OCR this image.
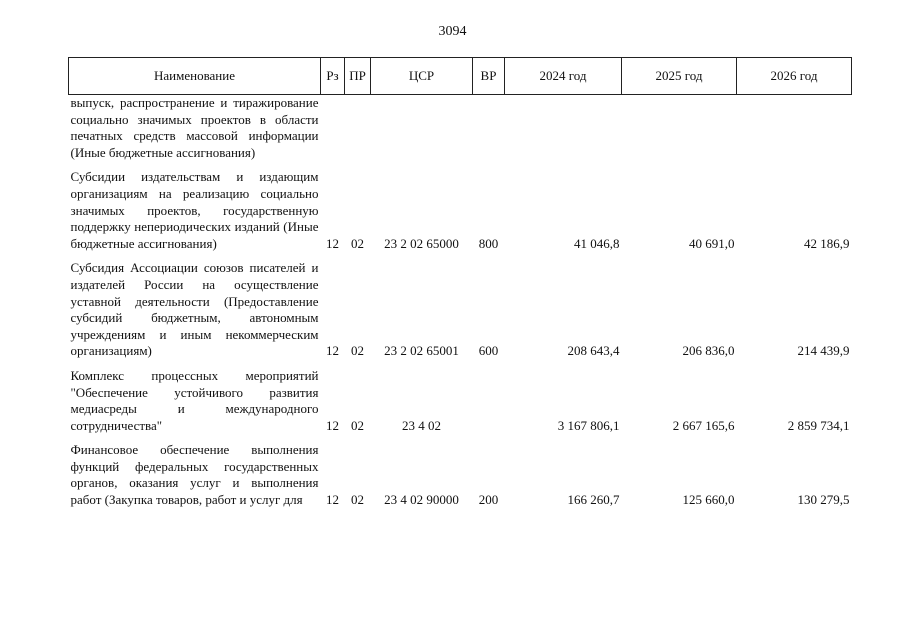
3094
Наименование	Рз	ПР	ЦСР	ВР	2024 год	2025 год	2026 год
выпуск, распространение и тиражирование социально значимых проектов в области печатных средств массовой информации (Иные бюджетные ассигнования)							

Субсидии издательствам и издающим организациям на реализацию социально значимых проектов, государственную поддержку непериодических изданий (Иные бюджетные ассигнования)	12	02	23 2 02 65000	800	41 046,8	40 691,0	42 186,9

Субсидия Ассоциации союзов писателей и издателей России на осуществление уставной деятельности (Предоставление субсидий бюджетным, автономным учреждениям и иным некоммерческим организациям)	12	02	23 2 02 65001	600	208 643,4	206 836,0	214 439,9

Комплекс процессных мероприятий "Обеспечение устойчивого развития медиасреды и международного сотрудничества"	12	02	23 4 02		3 167 806,1	2 667 165,6	2 859 734,1

Финансовое обеспечение выполнения функций федеральных государственных органов, оказания услуг и выполнения работ (Закупка товаров, работ и услуг для	12	02	23 4 02 90000	200	166 260,7	125 660,0	130 279,5
